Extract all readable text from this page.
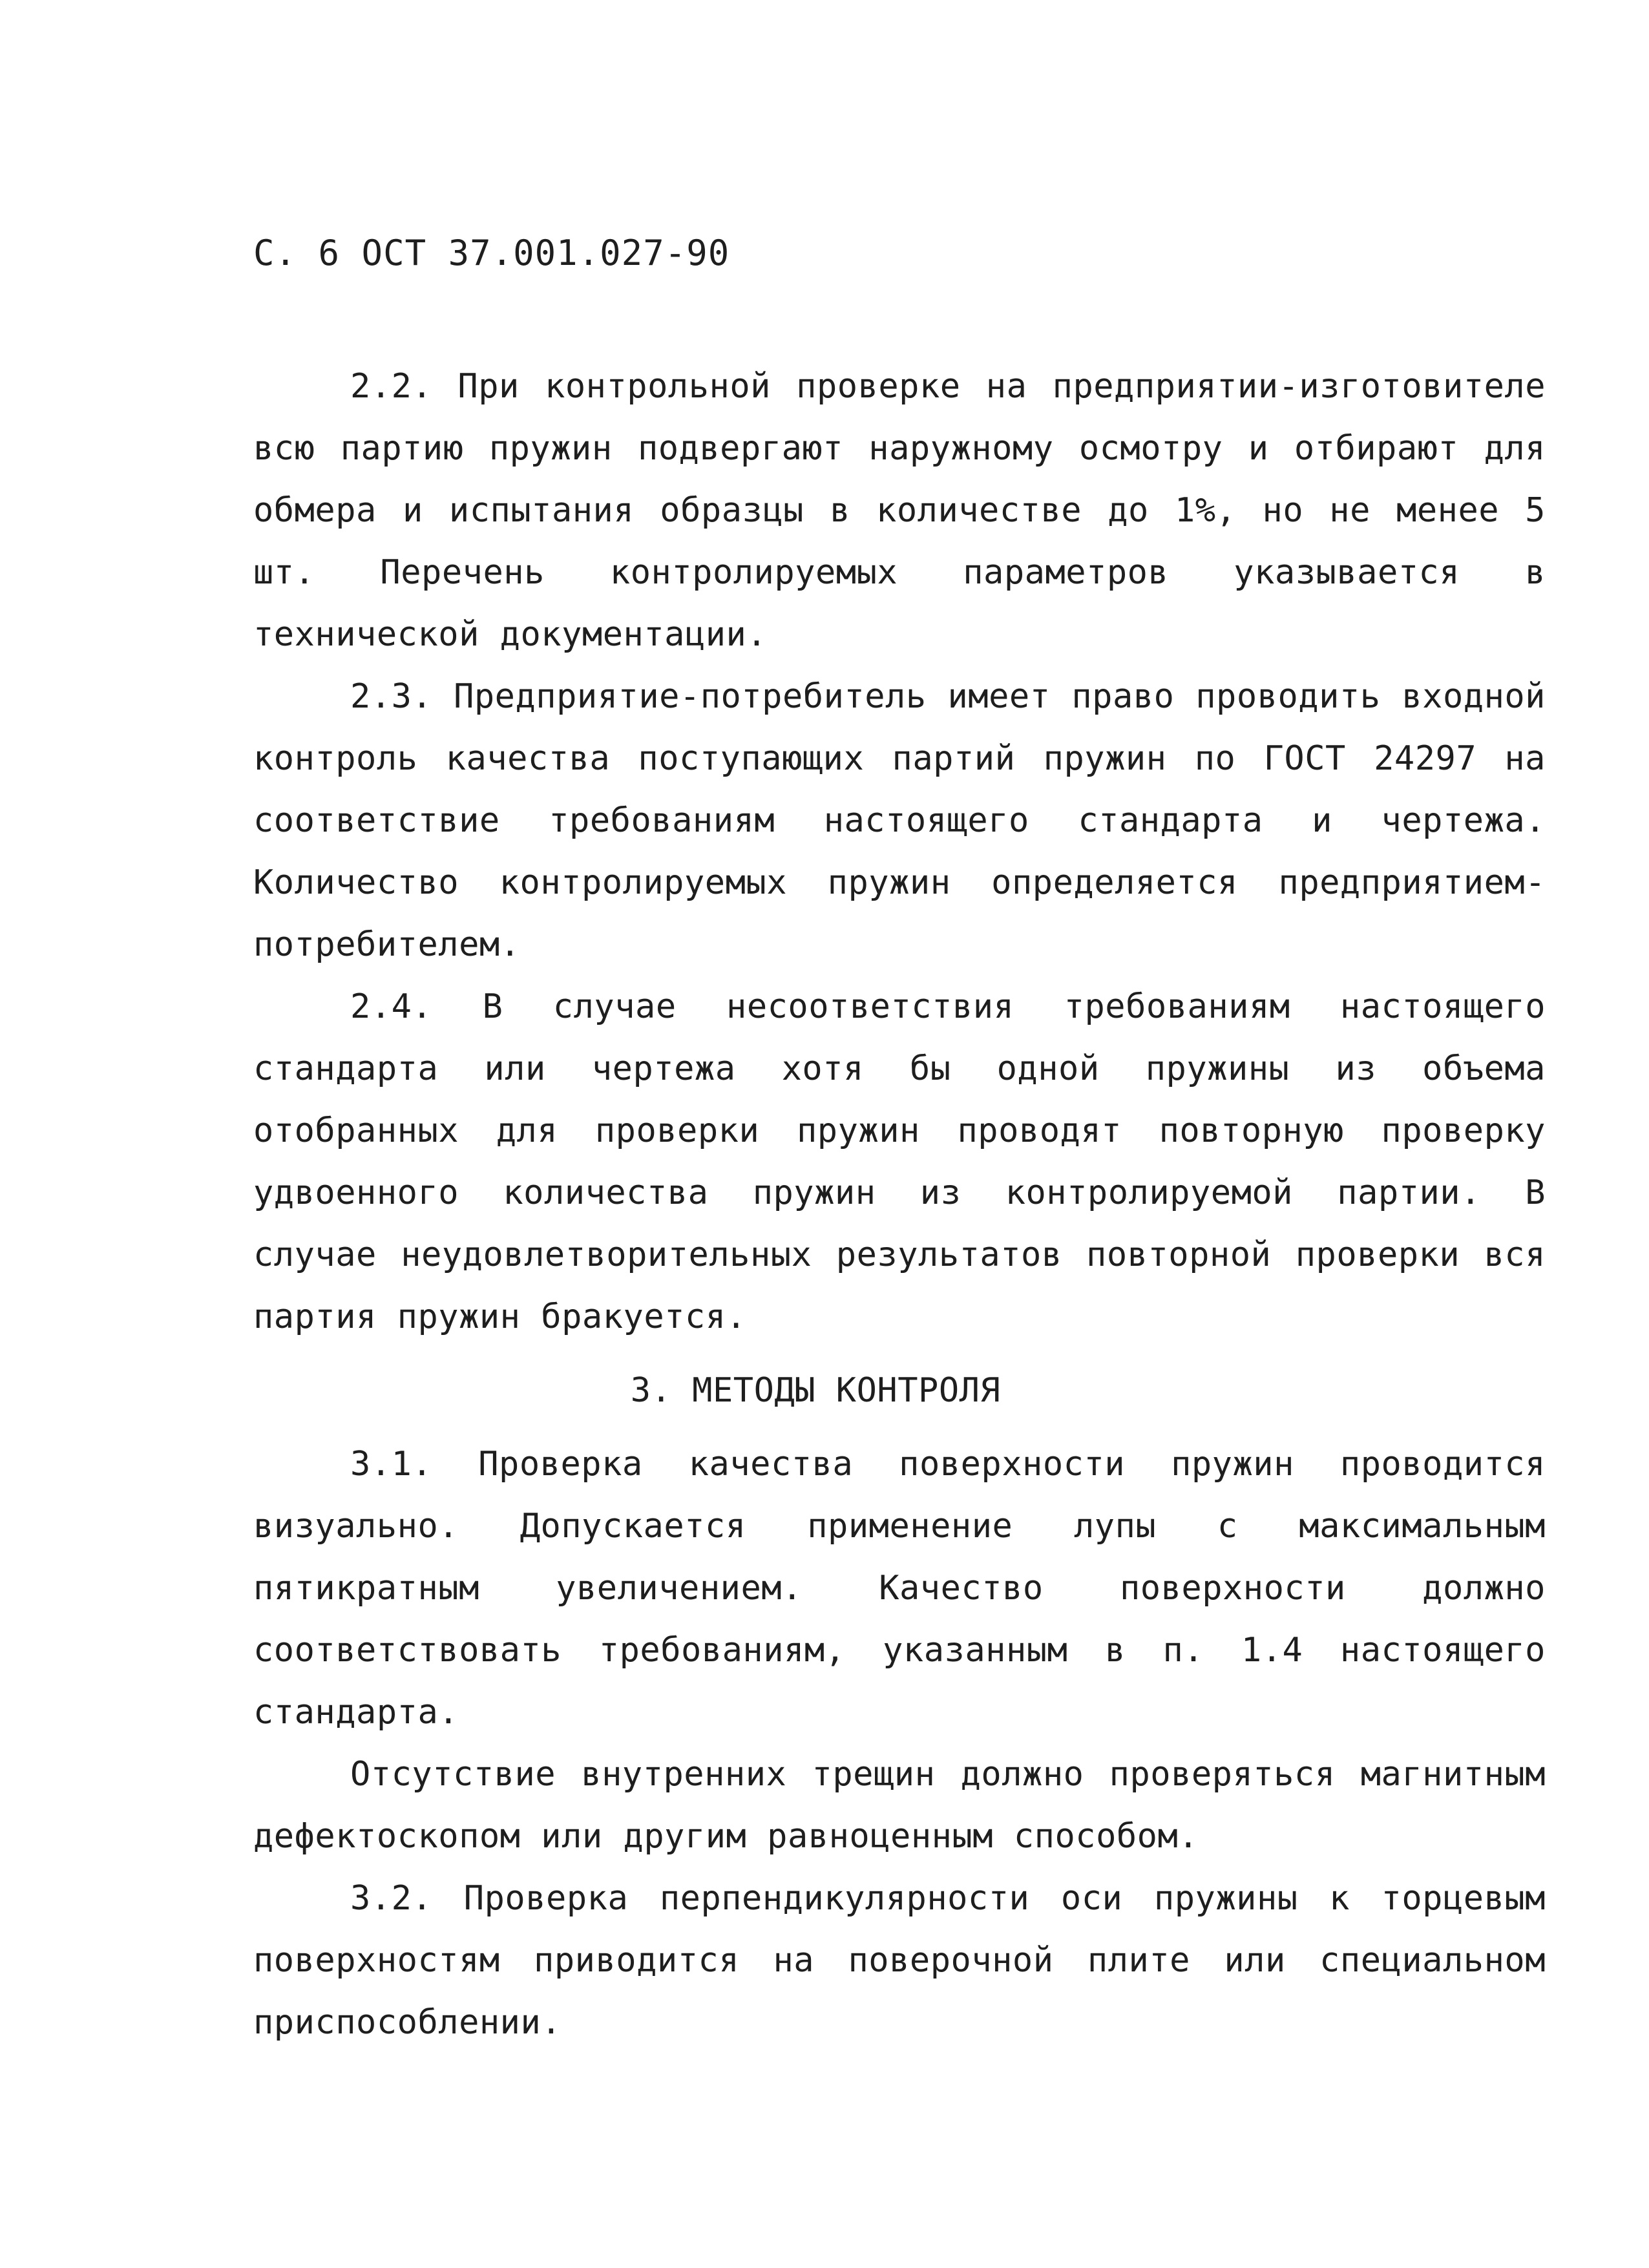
С. 6 ОСТ 37.001.027-90

2.2. При контрольной проверке на предприятии-изготовителе всю партию пружин подвергают наружному осмотру и отбирают для обмера и испытания образцы в количестве до 1%, но не менее 5 шт. Перечень контролируемых параметров указывается в технической документации.

2.3. Предприятие-потребитель имеет право проводить входной контроль качества поступающих партий пружин по ГОСТ 24297 на соответствие требованиям настоящего стандарта и чертежа. Количество контролируемых пружин определяется предприятием-потребителем.

2.4. В случае несоответствия требованиям настоящего стандарта или чертежа хотя бы одной пружины из объема отобранных для проверки пружин проводят повторную проверку удвоенного количества пружин из контролируемой партии. В случае неудовлетворительных результатов повторной проверки вся партия пружин бракуется.

3. МЕТОДЫ КОНТРОЛЯ

3.1. Проверка качества поверхности пружин проводится визуально. Допускается применение лупы с максимальным пятикратным увеличением. Качество поверхности должно соответствовать требованиям, указанным в п. 1.4 настоящего стандарта.

Отсутствие внутренних трещин должно проверяться магнитным дефектоскопом или другим равноценным способом.

3.2. Проверка перпендикулярности оси пружины к торцевым поверхностям приводится на поверочной плите или специальном приспособлении.
